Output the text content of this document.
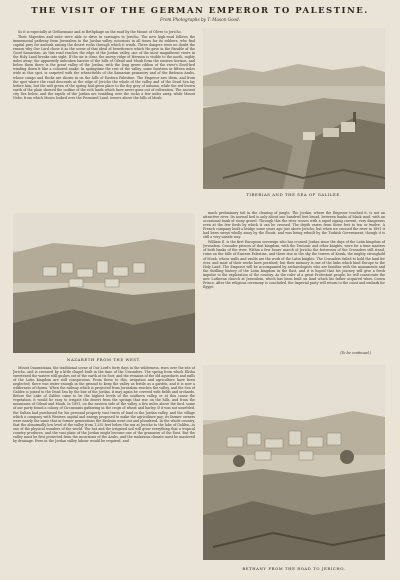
THE VISIT OF THE GERMAN EMPEROR TO PALESTINE.
From Photographs by T. Mason Good.

So it is especially at Gethsemane and at Bethphage on the road by the Mount of Olives to Jericho.

Their Majesties and suite were able to drive in carriages to Jericho. The new high-road follows the immemorial pathway from Jerusalem to the Jordan valley, notorious in all times for its robbers, who find capital prey for ambush among the desert rocks through which it winds. Three dangers were no doubt the reason why Our Lord chose it as the scene of that ideal of beneficence which He gave in the Parable of the Good Samaritan. As this road reaches the edge of the Jordan valley, one of the most magnificent views in the Holy Land breaks into sight. If the air is clear, the snowy ridge of Hermon is visible to the north, eighty miles away; the apparently unbroken barrier of the hills of Gilead and Moab form the eastern horizon, and below them there is the great valley of the Jordan, with the long green ribbon of the river's flood-bed winding down it like a coloured snake. In springtime the rest of the valley, some fourteen or fifteen miles wide at this spot, is carpeted with the wheat-fields of the Samarian peasantry and of the Bedouin Arabs, whose camps and flocks are shown in on the hills of Eastern Palestine. The Emperor saw them, and from the spot where the road descends at the edge of Jericho the whole of the valley and of the Dead Sea lay before him; but the soft green of the spring had given place to the dry grey of autumn, while the red-brown earth of the plain showed the outline of the rich lands which have never gone out of cultivation. The ancient city lies below, and the rapids of the Jordan are tumbling over the rocks a few miles away, while Mount Nebo, from which Moses looked over the Promised Land, towers above the hills of Moab.

TIBERIAS AND THE SEA OF GALILEE.
NAZARETH FROM THE WEST.

much preliminary toil in the clearing of jungle. The Jordan, where the Emperor touched it, is not an attractive river. Its normal bed is only about one hundred feet broad, between banks of black mud, with an occasional bank of stony gravel. Through this the river scours with a rapid zigzag current, very dangerous even at the few fords by which it can be crossed. The depth varies from three feet to ten or twelve. A French company built a bridge some years ago just above Jericho; but when we crossed the river in 1891 it had been swept wholly away by the floods, and was being rebuilt by the Turkish Government, though it is still a very unsafe way.

William II. is the first European sovereign who has crossed Jordan since the days of the Latin kingdom of Jerusalem. Crusader princes of that kingdom, with the Teutonic and other knights, were for a time masters of both banks of the river. Within a few hours' march of Jericho the fortresses of the Crusaders still stand, ruins on the hills of Eastern Palestine, and there rise in the sky the towers of Kerak, the mighty stronghold of Moab, whose walls and vaults are the work of the Latin knights. The Crusaders failed to hold the land for ever, and most of their works have perished; but their memory is one of the links which bind Europe to the Holy Land. The Emperor will be accompanied by archaeologists who are familiar with the monuments and the thrilling history of the Latin kingdom in the East, and it is hoped that his journey will give a fresh impulse to the exploration of the country. As the ruler of a great Protestant people, he will consecrate the new Lutheran church at Jerusalem, which has been built on land which his father acquired when Crown Prince. After the religious ceremony is concluded, the Imperial party will return to the coast and embark for Egypt.

(To be continued.)

Mount Quarantania, the traditional scene of Our Lord's forty days in the wilderness, rises over the site of Jericho, and is crowned by a little chapel built in the time of the Crusaders. The spring from which Elisha sweetened the waters still gushes out of the earth at its foot; and the remains of the old aqueducts and mills of the Latin kingdom are still conspicuous. From these to this, irrigation and agriculture have been neglected; there was water enough in the ground to keep the valley as fertile as a garden, and it is now a wilderness of thorns. When the railway which is projected from Jerusalem reaches the valley, and the Sea of Galilee is joined to the Dead Sea by the line of the Jordan, it may again be covered with fields and orchards. Before the Lake of Galilee came to be the highest levels of the southern valley, or at this cause the vegetation, it would be easy to irrigate the desert from the springs that rise on the hills, and from the mountains of Gilead and Moab. In 1891, on the eastern side of the valley, a few miles above the ford, some of our party found a colony of Circassians gathering in the crops of wheat and barley. If it was not unsettled, the Sultan had purchased for his personal property vast tracts of land in the Jordan valley, and the village which a company with Western capital and energy proposed to make the agriculture pay; its farmer owners were nearly the same that in former generations the Bedouin went out and plundered. In the whole country, that the abnormally low level of the valley from 1,292 feet below the sea at Jericho to the lake of Galilee—is one of the physical wonders of the world. The hot and the irrigated soil will grow everything that a tropical country produces; and the vast plain of the Jordan might become one of the granaries of the East. But the valley must be first protected from the incursions of the Arabs, and the malarious climate must be mastered by drainage. Even in the Jordan valley labour would be required, and

BETHANY FROM THE ROAD TO JERICHO.
